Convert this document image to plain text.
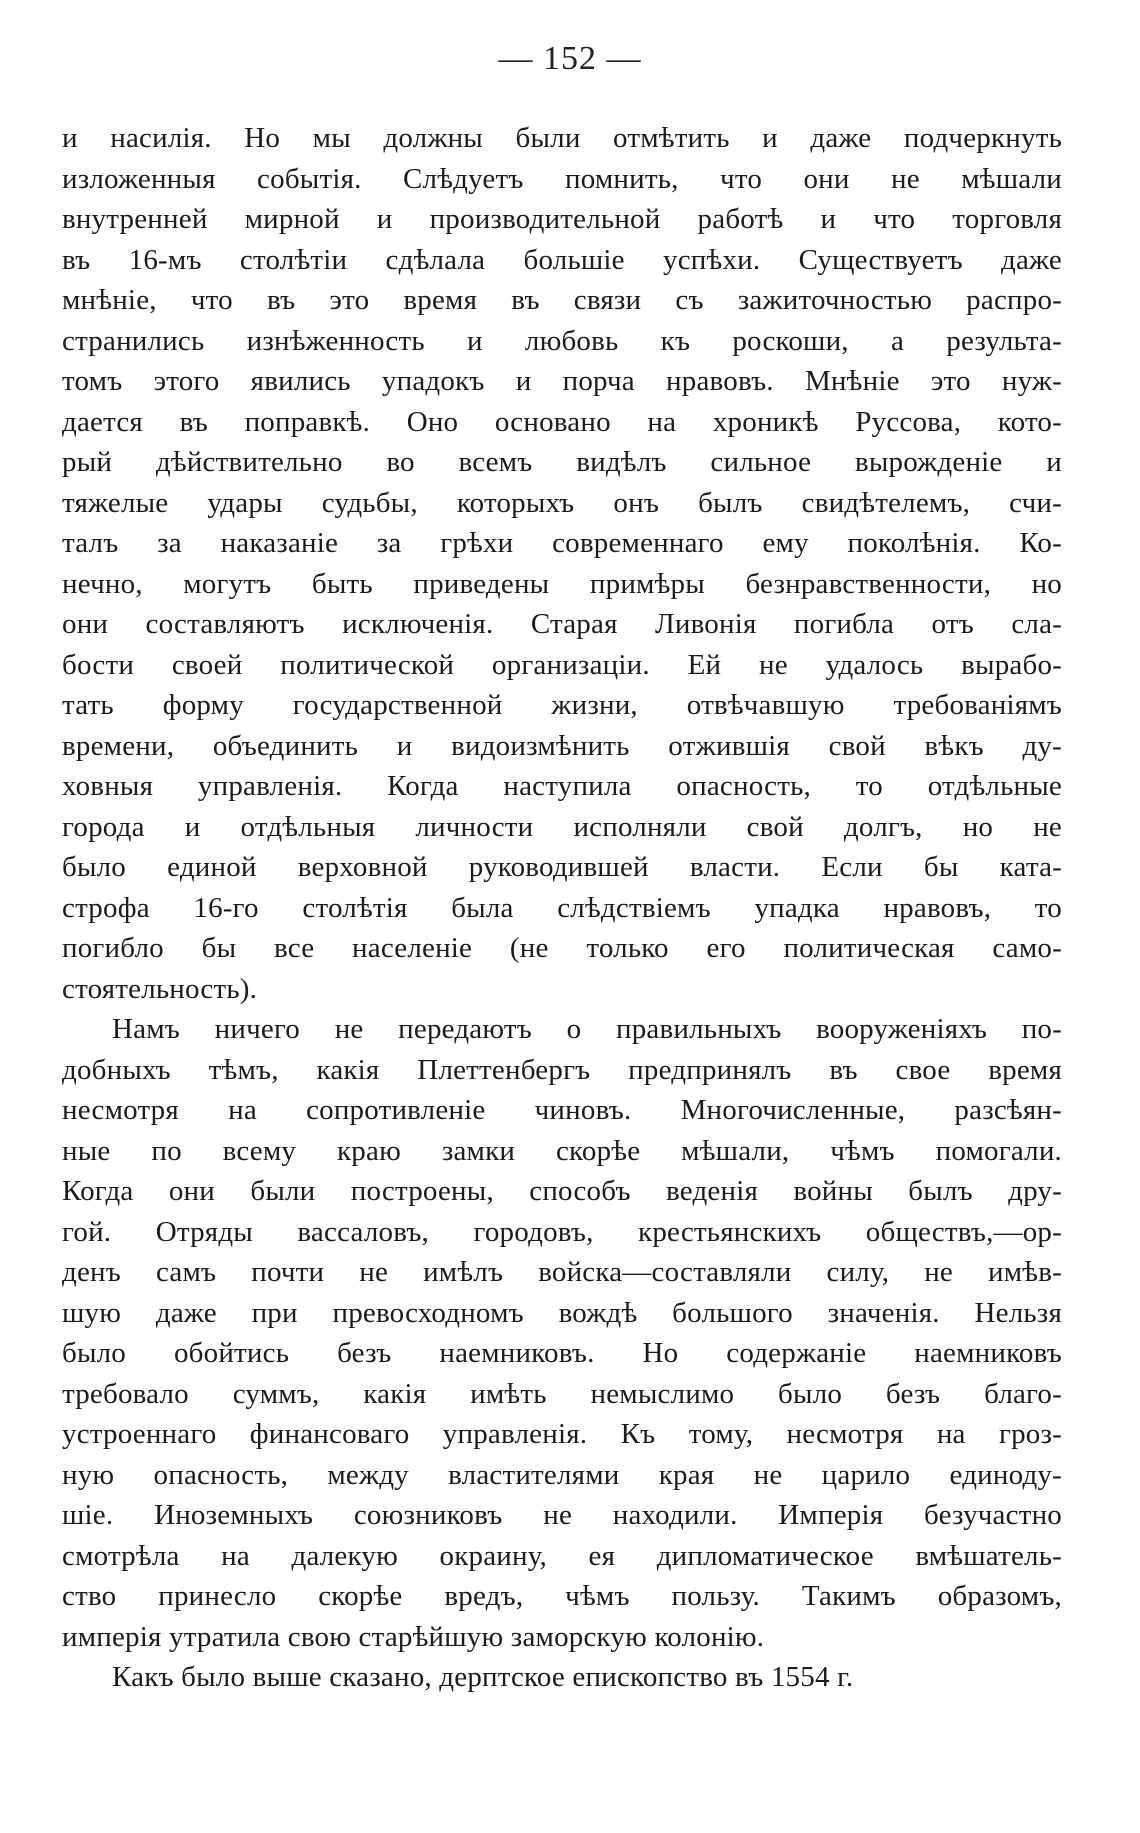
— 152 —
и насилія. Но мы должны были отмѣтить и даже подчеркнуть
изложенныя событія. Слѣдуетъ помнить, что они не мѣшали
внутренней мирной и производительной работѣ и что торговля
въ 16-мъ столѣтіи сдѣлала большіе успѣхи. Существуетъ даже
мнѣніе, что въ это время въ связи съ зажиточностью распро-
странились изнѣженность и любовь къ роскоши, а результа-
томъ этого явились упадокъ и порча нравовъ. Мнѣніе это нуж-
дается въ поправкѣ. Оно основано на хроникѣ Руссова, кото-
рый дѣйствительно во всемъ видѣлъ сильное вырожденіе и
тяжелые удары судьбы, которыхъ онъ былъ свидѣтелемъ, счи-
талъ за наказаніе за грѣхи современнаго ему поколѣнія. Ко-
нечно, могутъ быть приведены примѣры безнравственности, но
они составляютъ исключенія. Старая Ливонія погибла отъ сла-
бости своей политической организаціи. Ей не удалось вырабо-
тать форму государственной жизни, отвѣчавшую требованіямъ
времени, объединить и видоизмѣнить отжившія свой вѣкъ ду-
ховныя управленія. Когда наступила опасность, то отдѣльные
города и отдѣльныя личности исполняли свой долгъ, но не
было единой верховной руководившей власти. Если бы ката-
строфа 16-го столѣтія была слѣдствіемъ упадка нравовъ, то
погибло бы все населеніе (не только его политическая само-
стоятельность).
Намъ ничего не передаютъ о правильныхъ вооруженіяхъ по-
добныхъ тѣмъ, какія Плеттенбергъ предпринялъ въ свое время
несмотря на сопротивленіе чиновъ. Многочисленные, разсѣян-
ные по всему краю замки скорѣе мѣшали, чѣмъ помогали.
Когда они были построены, способъ веденія войны былъ дру-
гой. Отряды вассаловъ, городовъ, крестьянскихъ обществъ,—ор-
денъ самъ почти не имѣлъ войска—составляли силу, не имѣв-
шую даже при превосходномъ вождѣ большого значенія. Нельзя
было обойтись безъ наемниковъ. Но содержаніе наемниковъ
требовало суммъ, какія имѣть немыслимо было безъ благо-
устроеннаго финансоваго управленія. Къ тому, несмотря на гроз-
ную опасность, между властителями края не царило единоду-
шіе. Иноземныхъ союзниковъ не находили. Имперія безучастно
смотрѣла на далекую окраину, ея дипломатическое вмѣшатель-
ство принесло скорѣе вредъ, чѣмъ пользу. Такимъ образомъ,
имперія утратила свою старѣйшую заморскую колонію.
Какъ было выше сказано, дерптское епископство въ 1554 г.
